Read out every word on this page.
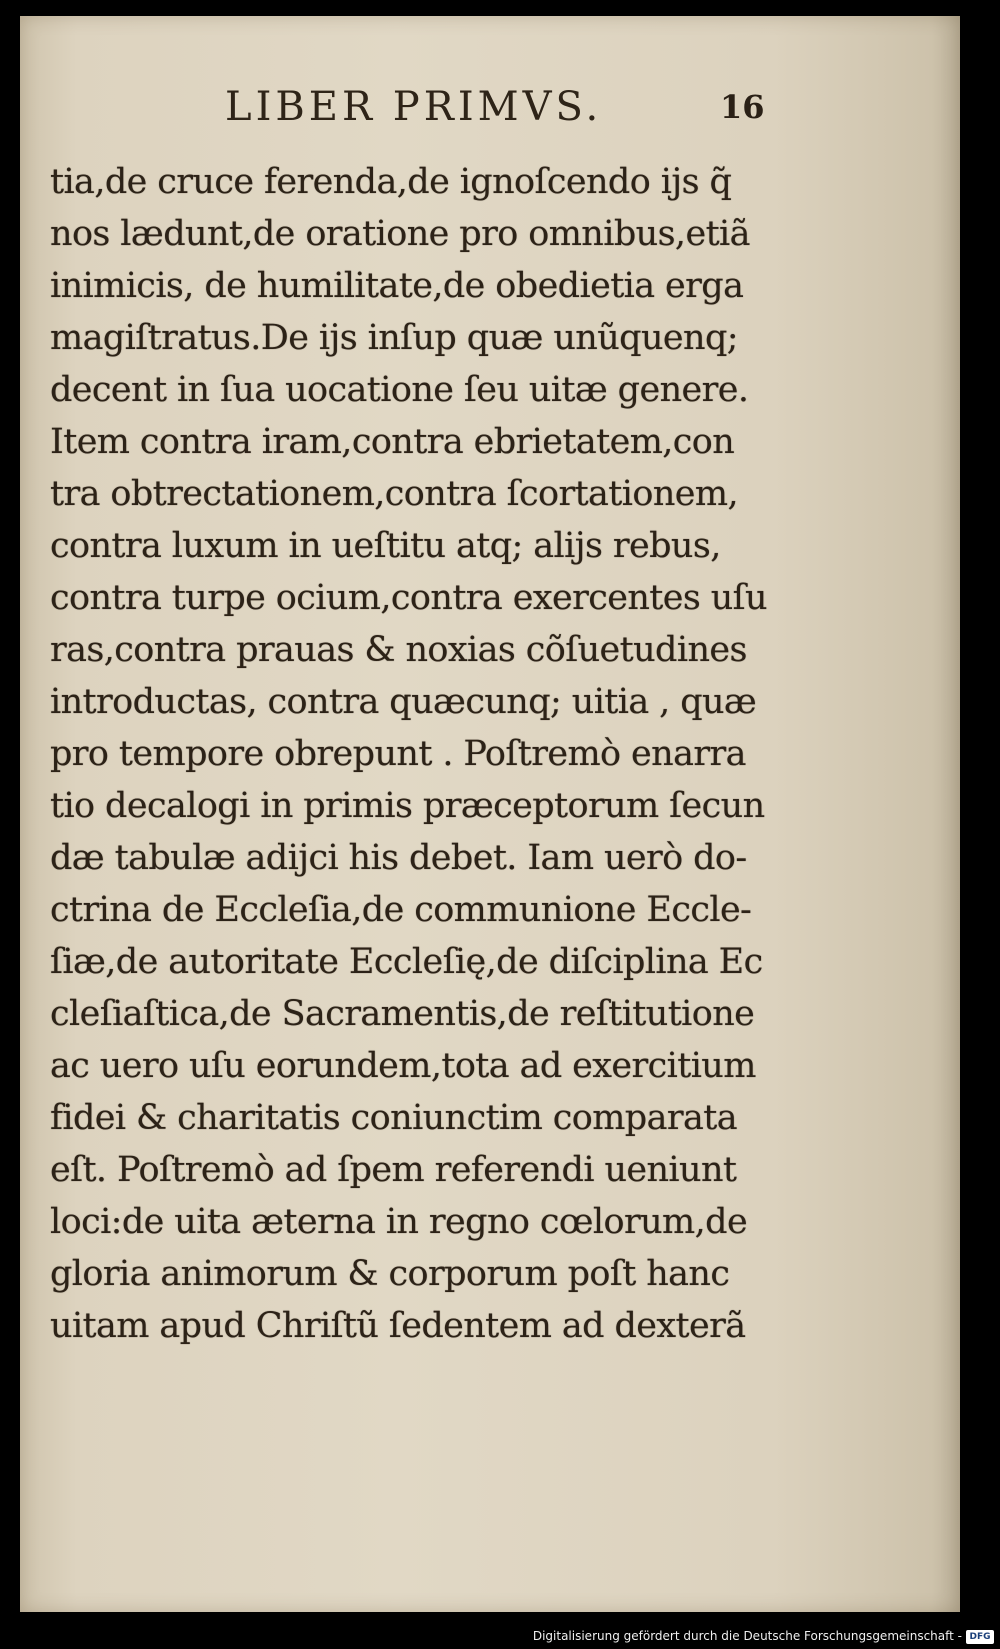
LIBER PRIMVS.	16
tia,de cruce ferenda,de ignoſcendo ijs q̃
nos lædunt,de oratione pro omnibus,etiã
inimicis, de humilitate,de obedietia erga
magiſtratus.De ijs inſup quæ unũquenq;
decent in ſua uocatione ſeu uitæ genere.
Item contra iram,contra ebrietatem,con
tra obtrectationem,contra ſcortationem,
contra luxum in ueſtitu atq; alijs rebus,
contra turpe ocium,contra exercentes uſu
ras,contra prauas & noxias cõſuetudines
introductas, contra quæcunq; uitia , quæ
pro tempore obrepunt . Poſtremò enarra
tio decalogi in primis præceptorum ſecun
dæ tabulæ adijci his debet. Iam uerò do-
ctrina de Eccleſia,de communione Eccle-
ſiæ,de autoritate Eccleſię,de diſciplina Ec
cleſiaſtica,de Sacramentis,de reſtitutione
ac uero uſu eorundem,tota ad exercitium
fidei & charitatis coniunctim comparata
eſt. Poſtremò ad ſpem referendi ueniunt
loci:de uita æterna in regno cœlorum,de
gloria animorum & corporum poſt hanc
uitam apud Chriſtũ ſedentem ad dexterã
Digitalisierung gefördert durch die Deutsche Forschungsgemeinschaft - DFG
